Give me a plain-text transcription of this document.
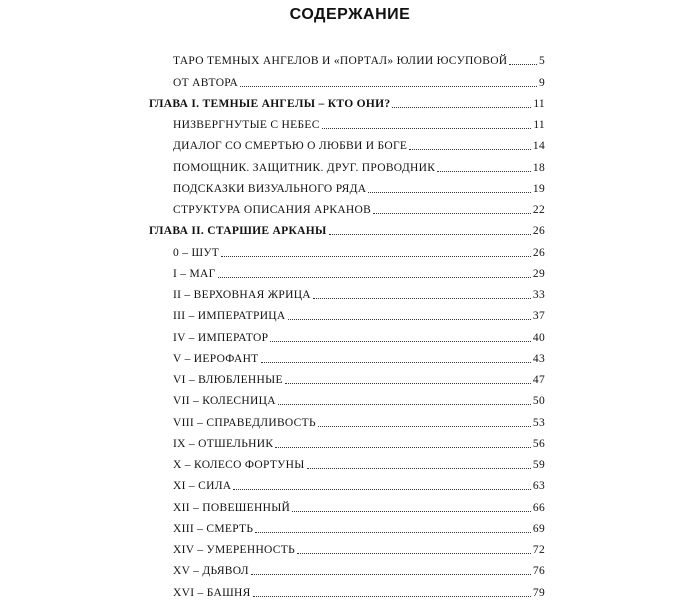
СОДЕРЖАНИЕ
ТАРО ТЕМНЫХ АНГЕЛОВ И «ПОРТАЛ» ЮЛИИ ЮСУПОВОЙ	5
ОТ АВТОРА	9
ГЛАВА I. ТЕМНЫЕ АНГЕЛЫ – КТО ОНИ?	11
НИЗВЕРГНУТЫЕ С НЕБЕС	11
ДИАЛОГ СО СМЕРТЬЮ О ЛЮБВИ И БОГЕ	14
ПОМОЩНИК. ЗАЩИТНИК. ДРУГ. ПРОВОДНИК	18
ПОДСКАЗКИ ВИЗУАЛЬНОГО РЯДА	19
СТРУКТУРА ОПИСАНИЯ АРКАНОВ	22
ГЛАВА II. СТАРШИЕ АРКАНЫ	26
0 – ШУТ	26
I – МАГ	29
II – ВЕРХОВНАЯ ЖРИЦА	33
III – ИМПЕРАТРИЦА	37
IV – ИМПЕРАТОР	40
V – ИЕРОФАНТ	43
VI – ВЛЮБЛЕННЫЕ	47
VII – КОЛЕСНИЦА	50
VIII – СПРАВЕДЛИВОСТЬ	53
IX – ОТШЕЛЬНИК	56
X – КОЛЕСО ФОРТУНЫ	59
XI – СИЛА	63
XII – ПОВЕШЕННЫЙ	66
XIII – СМЕРТЬ	69
XIV – УМЕРЕННОСТЬ	72
XV – ДЬЯВОЛ	76
XVI – БАШНЯ	79
